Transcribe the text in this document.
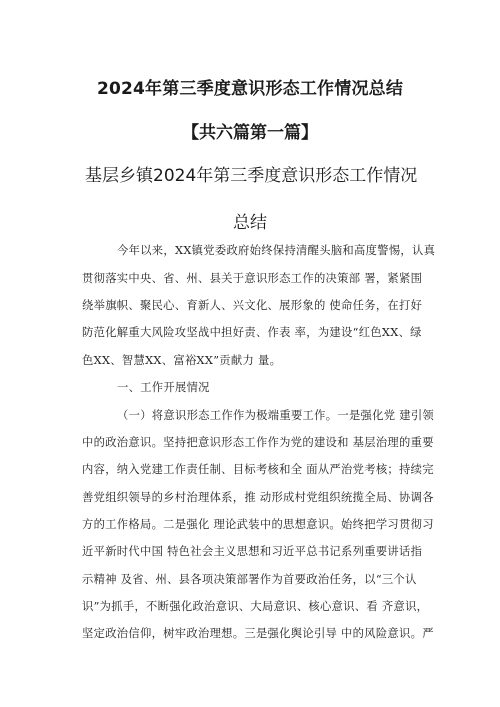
2024年第三季度意识形态工作情况总结
【共六篇第一篇】
基层乡镇2024年第三季度意识形态工作情况
总结
今年以来，XX镇党委政府始终保持清醒头脑和高度警惕，认真
贯彻落实中央、省、州、县关于意识形态工作的决策部 署，紧紧围
绕举旗帜、聚民心、育新人、兴文化、展形象的 使命任务，在打好
防范化解重大风险攻坚战中担好责、作表 率，为建设“红色XX、绿
色XX、智慧XX、富裕XX”贡献力 量。
一、工作开展情况
（一）将意识形态工作作为极端重要工作。一是强化党 建引领
中的政治意识。坚持把意识形态工作作为党的建设和 基层治理的重要
内容，纳入党建工作责任制、目标考核和全 面从严治党考核；持续完
善党组织领导的乡村治理体系，推 动形成村党组织统揽全局、协调各
方的工作格局。二是强化 理论武装中的思想意识。始终把学习贯彻习
近平新时代中国 特色社会主义思想和习近平总书记系列重要讲话指
示精神 及省、州、县各项决策部署作为首要政治任务，以“三个认
识”为抓手，不断强化政治意识、大局意识、核心意识、看 齐意识，
坚定政治信仰，树牢政治理想。三是强化舆论引导 中的风险意识。严
